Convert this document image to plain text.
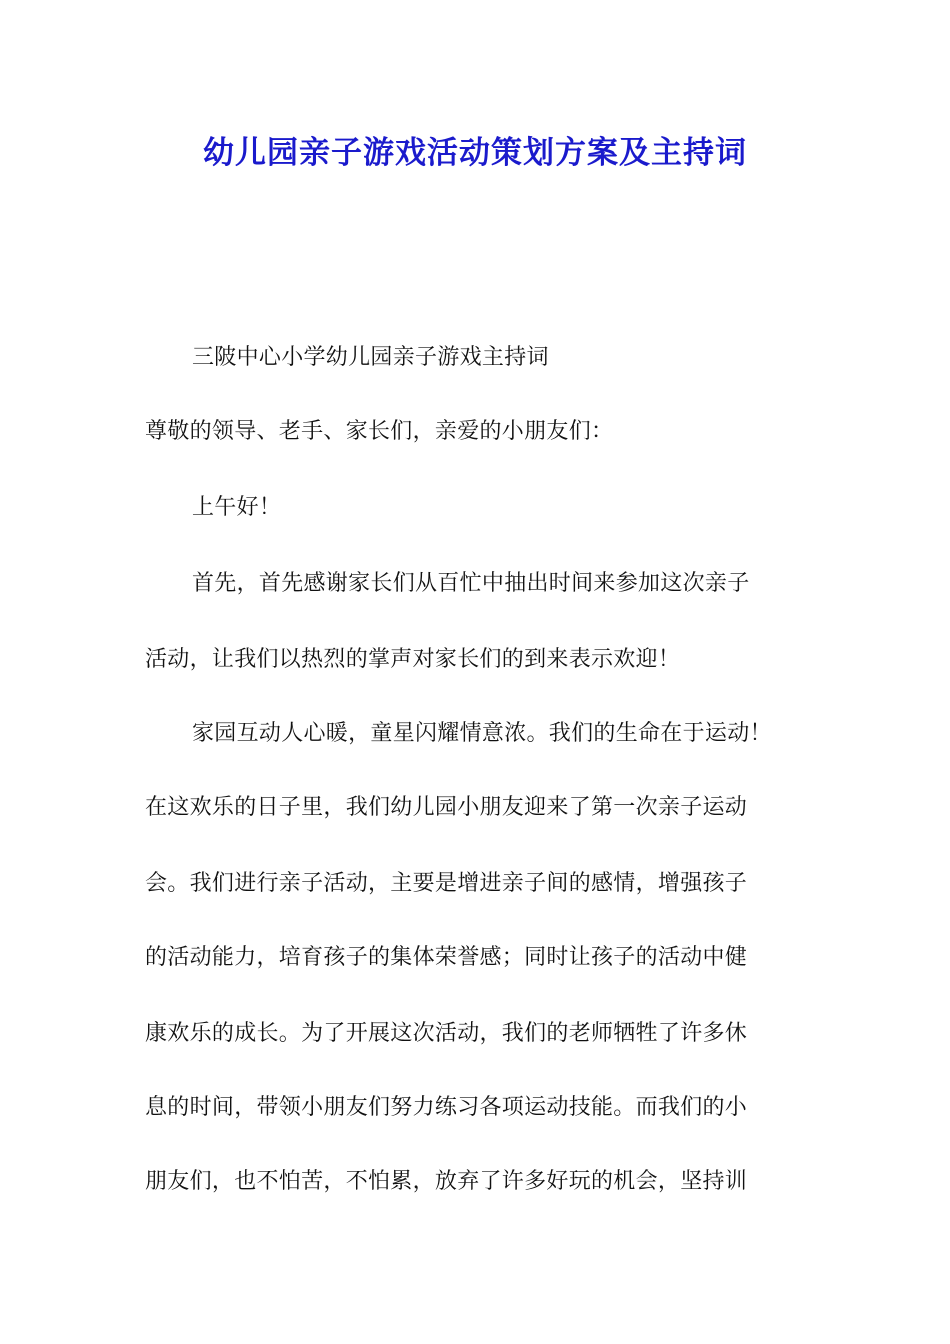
幼儿园亲子游戏活动策划方案及主持词
三陂中心小学幼儿园亲子游戏主持词
尊敬的领导、老手、家长们，亲爱的小朋友们：
上午好！
首先，首先感谢家长们从百忙中抽出时间来参加这次亲子
活动，让我们以热烈的掌声对家长们的到来表示欢迎！
家园互动人心暖，童星闪耀情意浓。我们的生命在于运动！
在这欢乐的日子里，我们幼儿园小朋友迎来了第一次亲子运动
会。我们进行亲子活动，主要是增进亲子间的感情，增强孩子
的活动能力，培育孩子的集体荣誉感；同时让孩子的活动中健
康欢乐的成长。为了开展这次活动，我们的老师牺牲了许多休
息的时间，带领小朋友们努力练习各项运动技能。而我们的小
朋友们，也不怕苦，不怕累，放弃了许多好玩的机会，坚持训
